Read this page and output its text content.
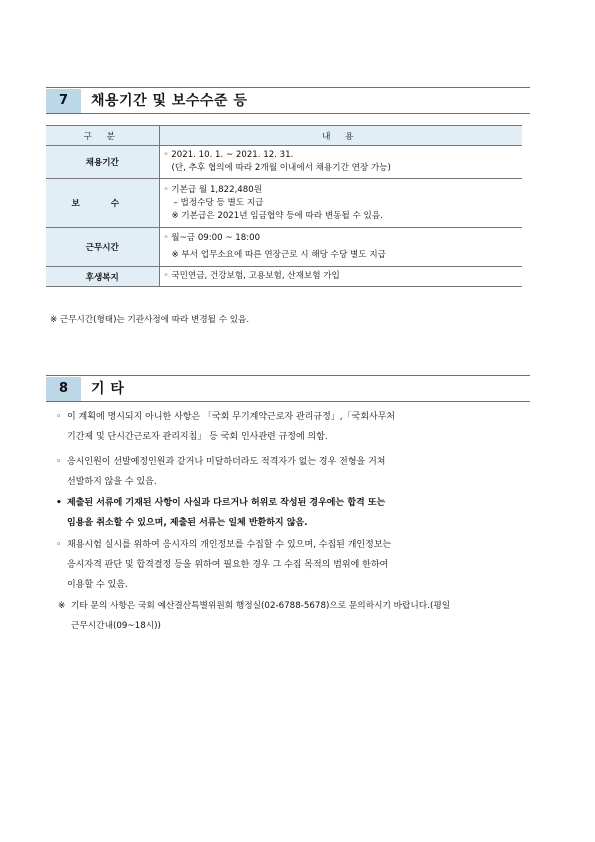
7	채용기간 및 보수수준 등
구 분	내 용
채용기간	◦ 2021. 10. 1. ~ 2021. 12. 31.
(단, 추후 협의에 따라 2개월 이내에서 채용기간 연장 가능)

보 수	◦ 기본급 월 1,822,480원
– 법정수당 등 별도 지급
※ 기본급은 2021년 임금협약 등에 따라 변동될 수 있음.

근무시간	◦ 월~금 09:00 ~ 18:00
※ 부서 업무소요에 따른 연장근로 시 해당 수당 별도 지급

후생복지	◦ 국민연금, 건강보험, 고용보험, 산재보험 가입
※ 근무시간(형태)는 기관사정에 따라 변경될 수 있음.
8	기 타
◦ 이 계획에 명시되지 아니한 사항은 「국회 무기계약근로자 관리규정」,「국회사무처
기간제 및 단시간근로자 관리지침」 등 국회 인사관련 규정에 의함.
◦ 응시인원이 선발예정인원과 같거나 미달하더라도 적격자가 없는 경우 전형을 거쳐
선발하지 않을 수 있음.
• 제출된 서류에 기재된 사항이 사실과 다르거나 허위로 작성된 경우에는 합격 또는
임용을 취소할 수 있으며, 제출된 서류는 일체 반환하지 않음.
◦ 채용시험 실시를 위하여 응시자의 개인정보를 수집할 수 있으며, 수집된 개인정보는
응시자격 판단 및 합격결정 등을 위하여 필요한 경우 그 수집 목적의 범위에 한하여
이용할 수 있음.
※ 기타 문의 사항은 국회 예산결산특별위원회 행정실(02-6788-5678)으로 문의하시기 바랍니다.(평일
근무시간내(09~18시))
